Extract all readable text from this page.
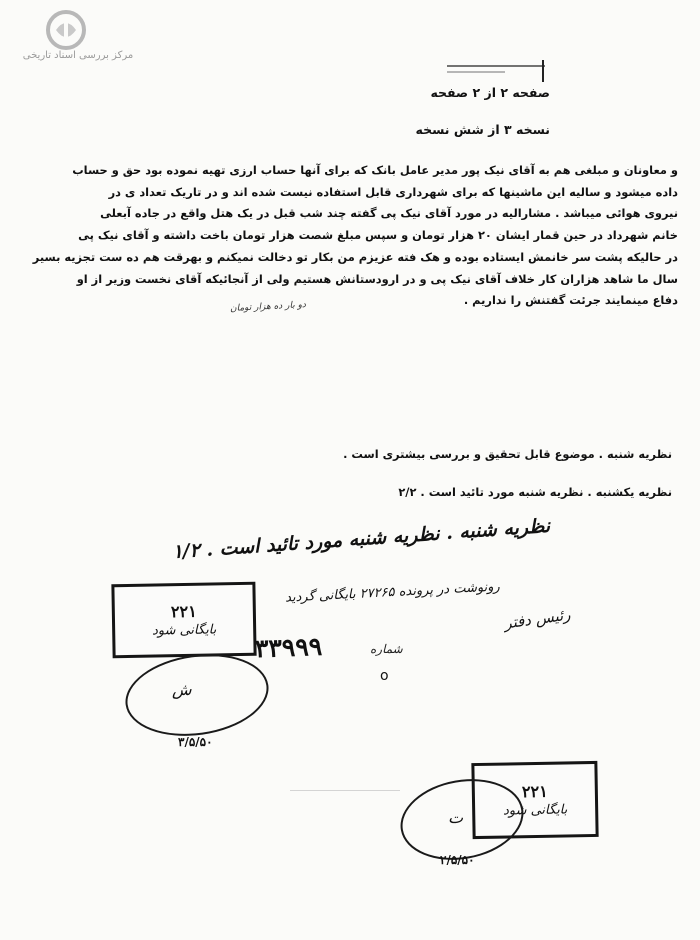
مرکز بررسی اسناد تاریخی
صفحه ۲ از ۲ صفحه
نسخه ۳ از شش نسخه
و معاونان و مبلغی هم به آقای نیک پور مدیر عامل بانک که برای آنها حساب ارزی تهیه نموده بود حق و حساب
داده میشود و سالیه این ماشینها که برای شهرداری قابل استفاده نیست شده اند و در تاریک تعداد ی در
نیروی هوائی میباشد . مشارالیه در مورد آقای نیک پی گفته چند شب قبل در یک هتل واقع در جاده آبعلی
خانم شهرداد در حین قمار ایشان ۲۰ هزار تومان و سپس مبلغ شصت هزار تومان باخت داشته و آقای نیک پی
در حالیکه پشت سر خانمش ایستاده بوده و هک فته عزیزم من بکار تو دخالت نمیکنم و بهرقت هم ده ست تجزیه بسیر
سال ما شاهد هزاران کار خلاف آقای نیک پی و در ارودستانش هستیم ولی از آنجائیکه آقای نخست وزیر از او
دفاع مینمایند جرئت گفتنش را نداریم .
دو بار ده هزار تومان
نظریه شنبه . موضوع قابل تحقیق و بررسی بیشتری است .
نظریه یکشنبه . نظریه شنبه مورد تائید است . ۲/۲
نظریه شنبه . نظریه شنبه مورد تائید است . ۱/۲
رونوشت در پرونده ۲۷۲۶۵ بایگانی گردید
رئیس دفتر
۲۲۱
بایگانی شود
۳۳۹۹۹	شماره
o
ش
۳/۵/۵۰
۲۲۱
بایگانی شود
ت
۲/۵/۵۰
